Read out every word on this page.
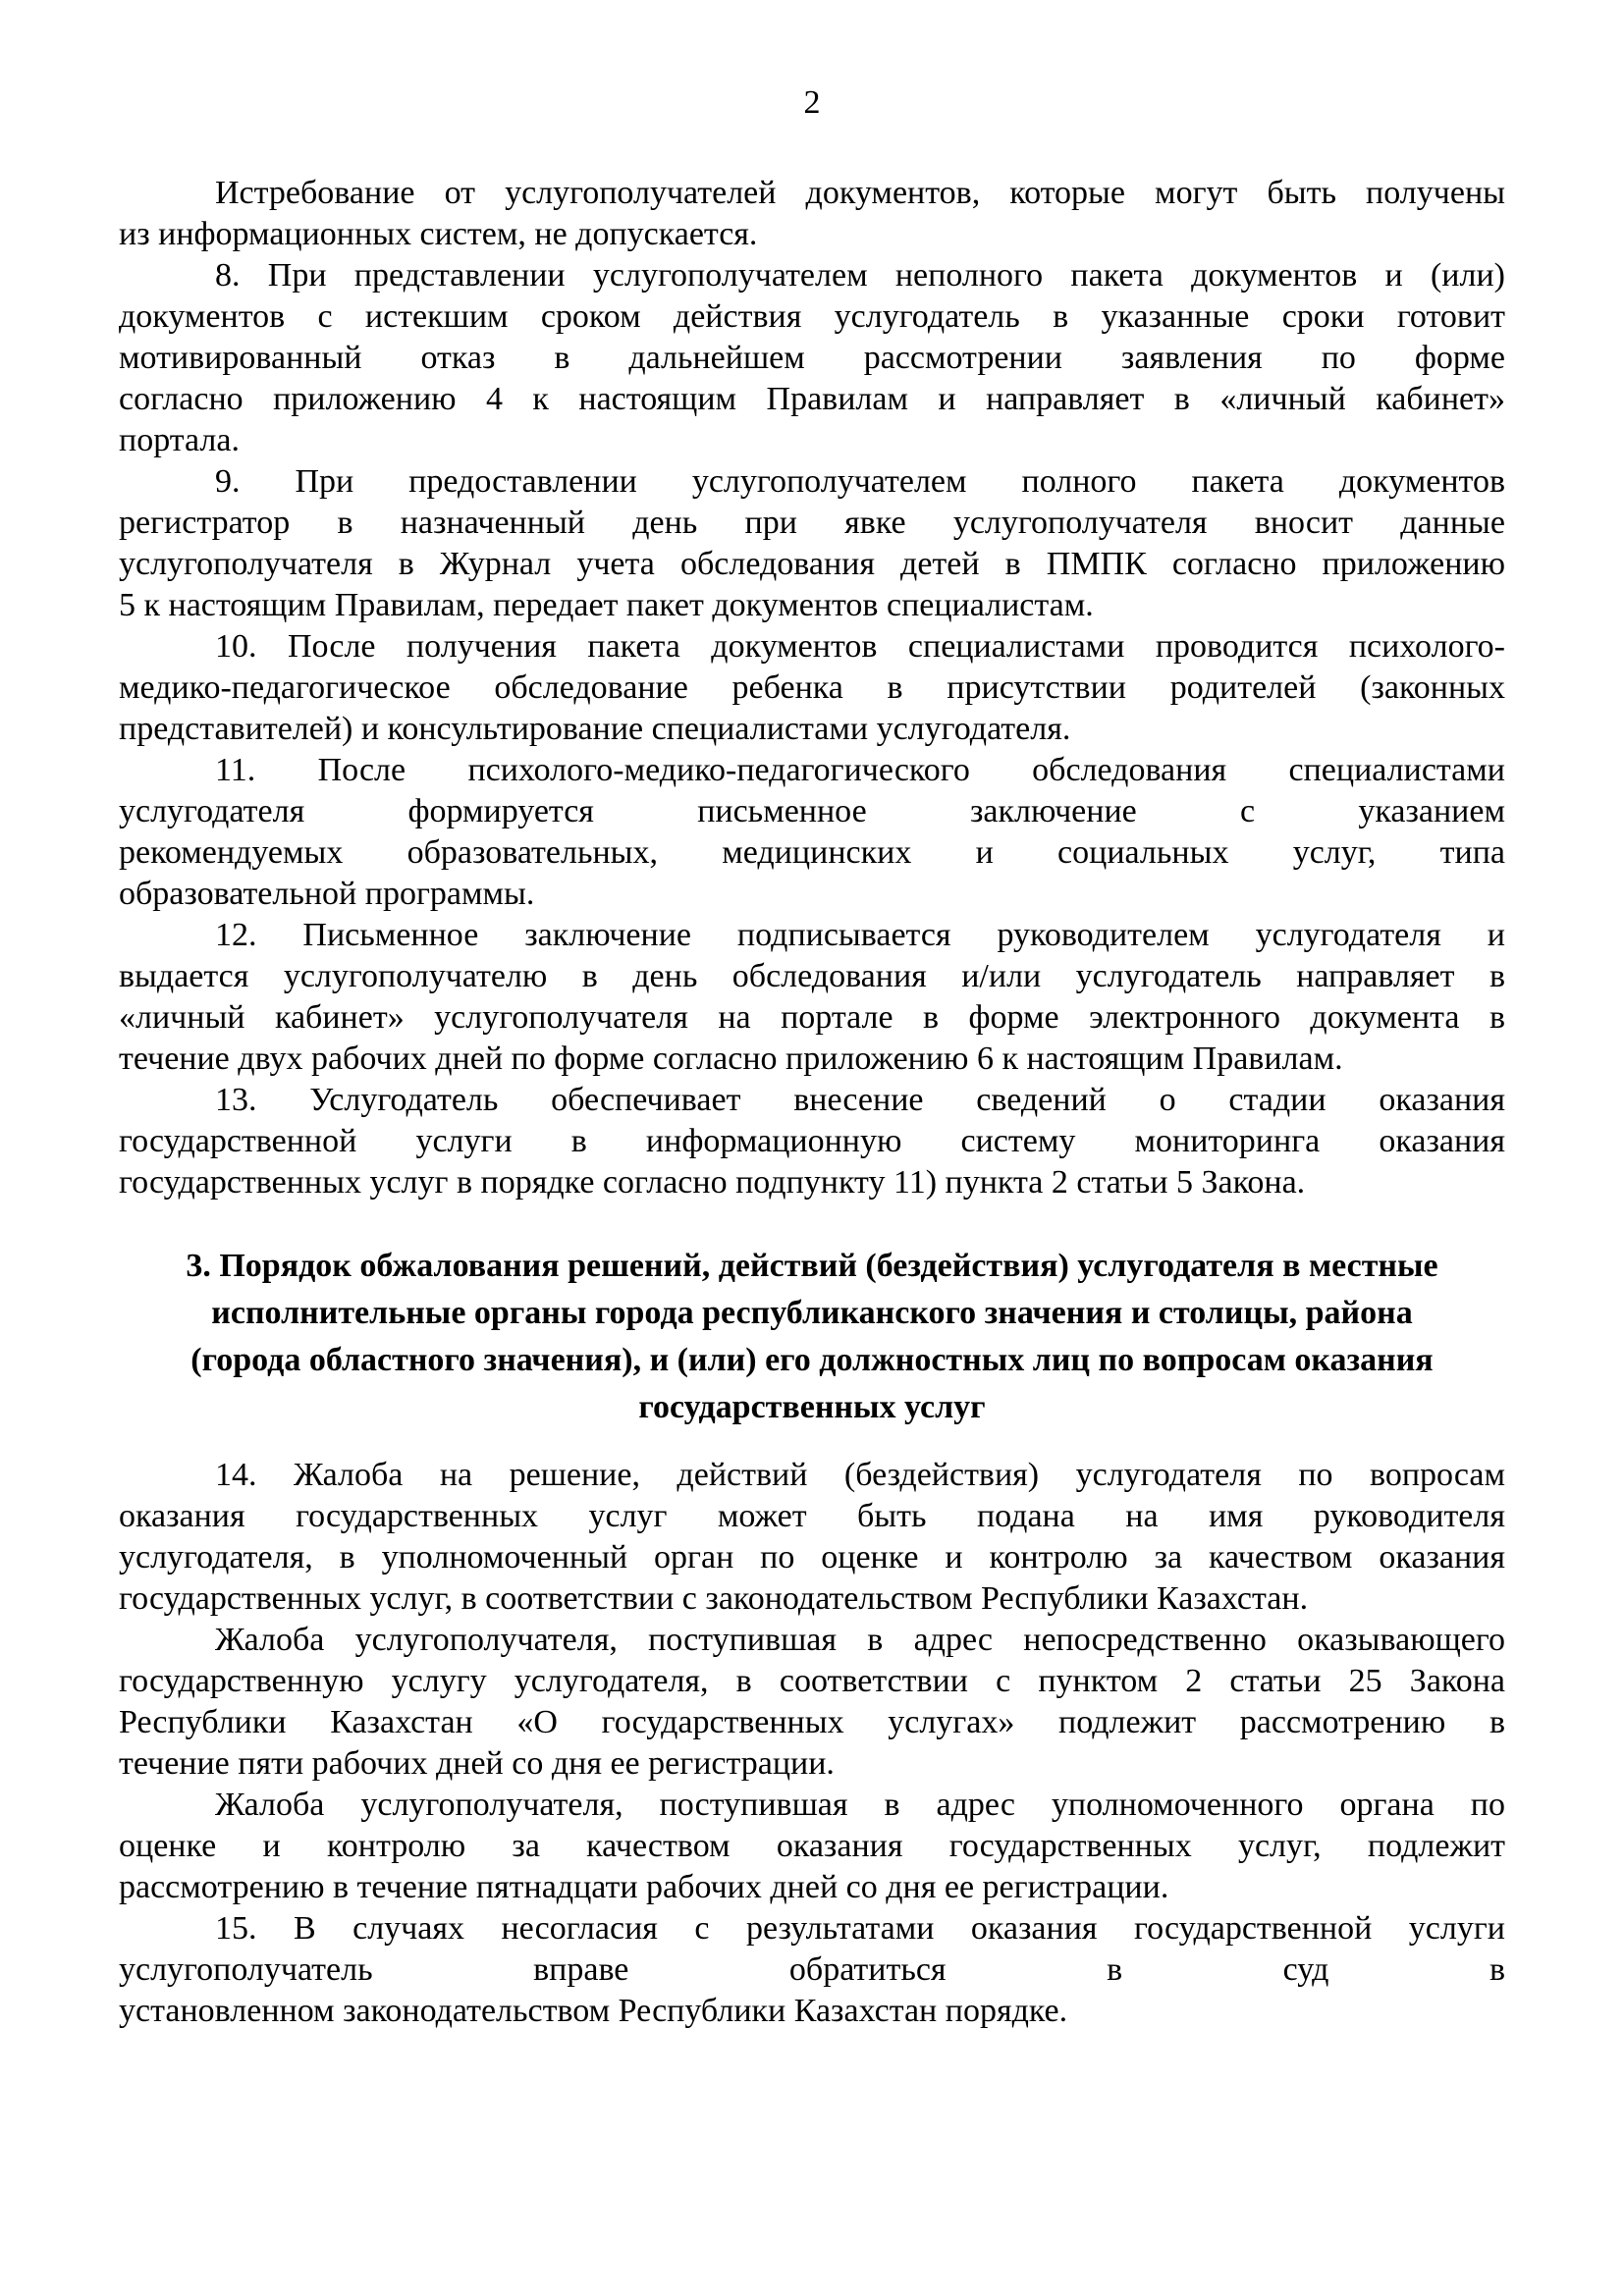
2
Истребование от услугополучателей документов, которые могут быть получены
из информационных систем, не допускается.
8. При представлении услугополучателем неполного пакета документов и (или)
документов с истекшим сроком действия услугодатель в указанные сроки готовит
мотивированный отказ в дальнейшем рассмотрении заявления по форме
согласно приложению 4 к настоящим Правилам и направляет в «личный кабинет»
портала.
9. При предоставлении услугополучателем полного пакета документов
регистратор в назначенный день при явке услугополучателя вносит данные
услугополучателя в Журнал учета обследования детей в ПМПК согласно приложению
5 к настоящим Правилам, передает пакет документов специалистам.
10. После получения пакета документов специалистами проводится психолого-
медико-педагогическое обследование ребенка в присутствии родителей (законных
представителей) и консультирование специалистами услугодателя.
11. После психолого-медико-педагогического обследования специалистами
услугодателя формируется письменное заключение с указанием
рекомендуемых образовательных, медицинских и социальных услуг, типа
образовательной программы.
12. Письменное заключение подписывается руководителем услугодателя и
выдается услугополучателю в день обследования и/или услугодатель направляет в
«личный кабинет» услугополучателя на портале в форме электронного документа в
течение двух рабочих дней по форме согласно приложению 6 к настоящим Правилам.
13. Услугодатель обеспечивает внесение сведений о стадии оказания
государственной услуги в информационную систему мониторинга оказания
государственных услуг в порядке согласно подпункту 11) пункта 2 статьи 5 Закона.
3. Порядок обжалования решений, действий (бездействия) услугодателя в местные
исполнительные органы города республиканского значения и столицы, района
(города областного значения), и (или) его должностных лиц по вопросам оказания
государственных услуг
14. Жалоба на решение, действий (бездействия) услугодателя по вопросам
оказания государственных услуг может быть подана на имя руководителя
услугодателя, в уполномоченный орган по оценке и контролю за качеством оказания
государственных услуг, в соответствии с законодательством Республики Казахстан.
Жалоба услугополучателя, поступившая в адрес непосредственно оказывающего
государственную услугу услугодателя, в соответствии с пунктом 2 статьи 25 Закона
Республики Казахстан «О государственных услугах» подлежит рассмотрению в
течение пяти рабочих дней со дня ее регистрации.
Жалоба услугополучателя, поступившая в адрес уполномоченного органа по
оценке и контролю за качеством оказания государственных услуг, подлежит
рассмотрению в течение пятнадцати рабочих дней со дня ее регистрации.
15. В случаях несогласия с результатами оказания государственной услуги
услугополучатель вправе обратиться в суд в
установленном законодательством Республики Казахстан порядке.
